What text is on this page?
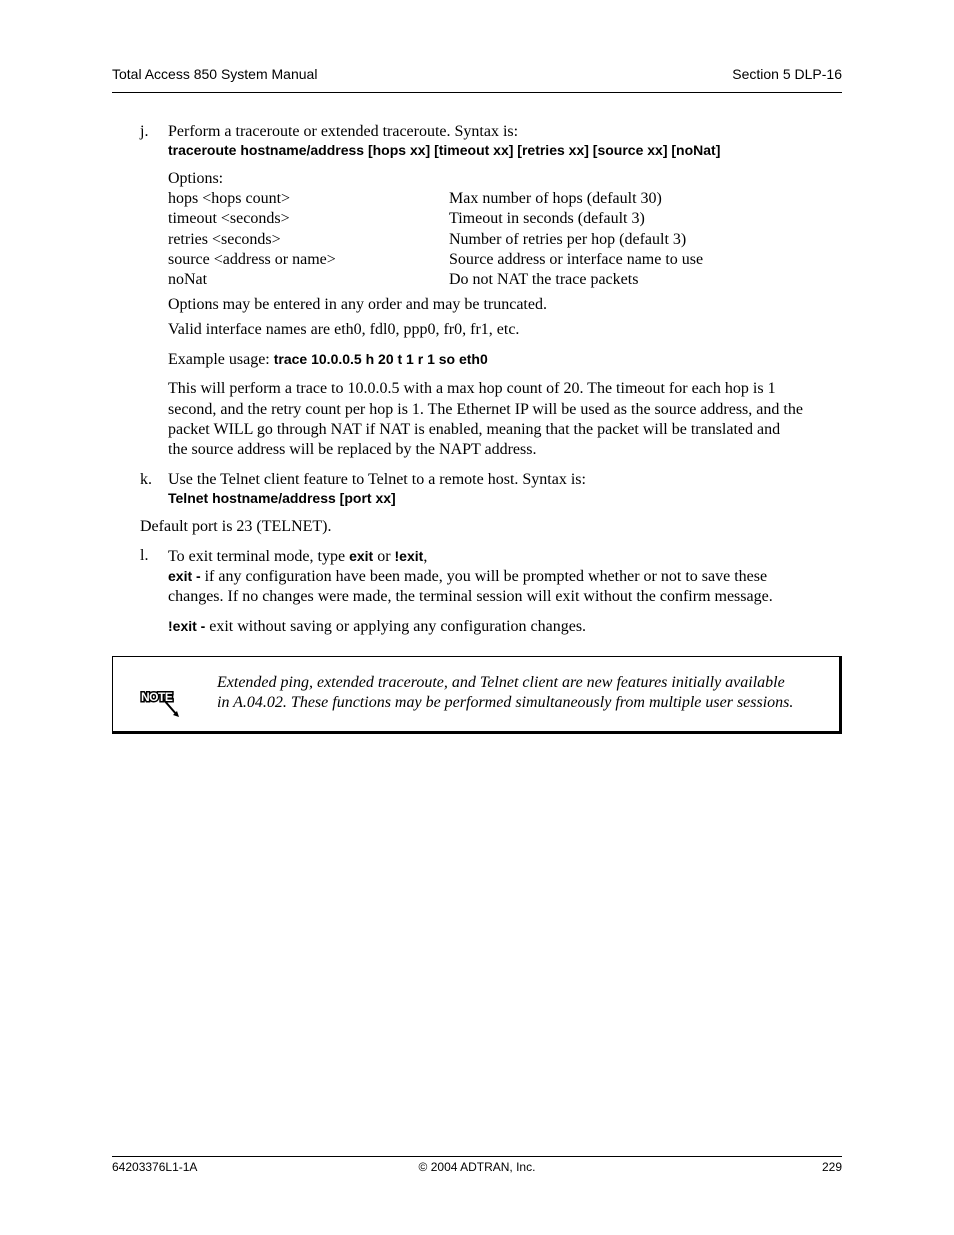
Total Access 850 System Manual	Section 5 DLP-16
j. Perform a traceroute or extended traceroute. Syntax is:
traceroute hostname/address [hops xx] [timeout xx] [retries xx] [source xx] [noNat]
Options:
hops <hops count>	Max number of hops (default 30)
timeout <seconds>	Timeout in seconds (default 3)
retries <seconds>	Number of retries per hop (default 3)
source <address or name>	Source address or interface name to use
noNat	Do not NAT the trace packets
Options may be entered in any order and may be truncated.
Valid interface names are eth0, fdl0, ppp0, fr0, fr1, etc.
Example usage: trace 10.0.0.5 h 20 t 1 r 1 so eth0
This will perform a trace to 10.0.0.5 with a max hop count of 20. The timeout for each hop is 1
second, and the retry count per hop is 1. The Ethernet IP will be used as the source address, and the
packet WILL go through NAT if NAT is enabled, meaning that the packet will be translated and
the source address will be replaced by the NAPT address.
k. Use the Telnet client feature to Telnet to a remote host. Syntax is:
Telnet hostname/address [port xx]
Default port is 23 (TELNET).
l. To exit terminal mode, type exit or !exit,
exit - if any configuration have been made, you will be prompted whether or not to save these
changes. If no changes were made, the terminal session will exit without the confirm message.
!exit - exit without saving or applying any configuration changes.
NOTE
Extended ping, extended traceroute, and Telnet client are new features initially available
in A.04.02. These functions may be performed simultaneously from multiple user sessions.
64203376L1-1A	© 2004 ADTRAN, Inc.	229
